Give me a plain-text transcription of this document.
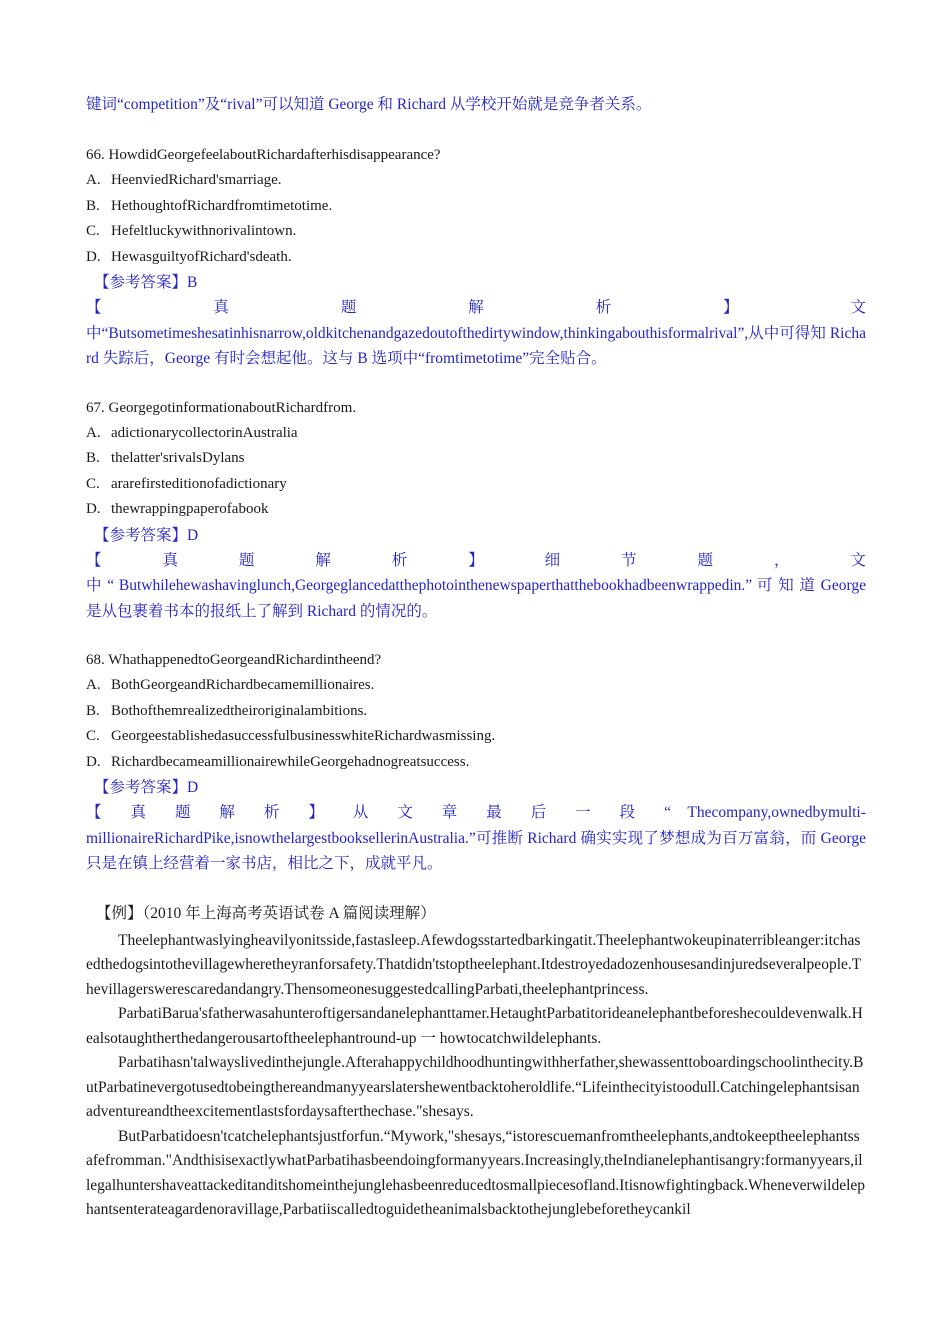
键词“competition”及“rival”可以知道 George 和 Richard 从学校开始就是竞争者关系。

66. HowdidGeorgefeelaboutRichardafterhisdisappearance?
A. HeenviedRichard'smarriage.
B. HethoughtofRichardfromtimetotime.
C. Hefeltluckywithnorivalintown.
D. HewasguiltyofRichard'sdeath.
【参考答案】B
【	真	题	解	析	】	文
中“Butsometimeshesatinhisnarrow,oldkitchenandgazedoutofthedirtywindow,thinkingabouthisformalrival”,从中可得知 Richard 失踪后，George 有时会想起他。这与 B 选项中“fromtimetotime”完全贴合。
67. GeorgegotinformationaboutRichardfrom.
A. adictionarycollectorinAustralia
B. thelatter'srivalsDylans
C. ararefirsteditionofadictionary
D. thewrappingpaperofabook
【参考答案】D
【 真 题 解 析 】 细 节 题 ， 文
中 “ Butwhilehewashavinglunch,Georgeglancedatthephotointhenewspaperthatthebookhadbeenwrappedin.” 可 知 道 George 是从包裹着书本的报纸上了解到 Richard 的情况的。
68. WhathappenedtoGeorgeandRichardintheend?
A. BothGeorgeandRichardbecamemillionaires.
B. Bothofthemrealizedtheiroriginalambitions.
C. GeorgeestablishedasuccessfulbusinesswhiteRichardwasmissing.
D. RichardbecameamillionairewhileGeorgehadnogreatsuccess.
【参考答案】D
【 真 题 解 析 】 从 文 章 最 后 一 段 “ Thecompany,ownedbymulti-
millionaireRichardPike,isnowthelargestbooksellerinAustralia.”可推断 Richard 确实实现了梦想成为百万富翁，而 George 只是在镇上经营着一家书店，相比之下，成就平凡。
【例】（2010 年上海高考英语试卷 A 篇阅读理解）

Theelephantwaslyingheavilyonitsside,fastasleep.Afewdogsstartedbarkingatit.Theelephantwokeupinaterribleanger:itchasedthedogsintothevillagewheretheyranforsafety.Thatdidn'tstoptheelephant.Itdestroyedadozenhousesandinjuredseveralpeople.Thevillagerswerescaredandangry.ThensomeonesuggestedcallingParbati,theelephantprincess.

ParbatiBarua'sfatherwasahunteroftigersandanelephanttamer.HetaughtParbatitorideanelephantbeforeshecouldevenwalk.Healsotaughtherthedangerousartoftheelephantround-up 一 howtocatchwildelephants.

Parbatihasn'talwayslivedinthejungle.Afterahappychildhoodhuntingwithherfather,shewassenttoboardingschoolinthecity.ButParbatinevergotusedtobeingthereandmanyyearslatershewentbacktoheroldlife.“Lifeinthecityistoodull.Catchingelephantsisanadventureandtheexcitementlastsfordaysafterthechase."shesays.

ButParbatidoesn'tcatchelephantsjustforfun.“Mywork,"shesays,“istorescuemanfromtheelephants,andtokeeptheelephantssafefromman."AndthisisexactlywhatParbatihasbeendoingformanyyears.Increasingly,theIndianelephantisangry:formanyyears,illegalhuntershaveattackeditanditshomeinthejunglehasbeenreducedtosmallpiecesofland.Itisnowfightingback.Wheneverwildelephantsenterateagardenoravillage,Parbatiiscalledtoguidetheanimalsbacktothejunglebeforetheycankil
